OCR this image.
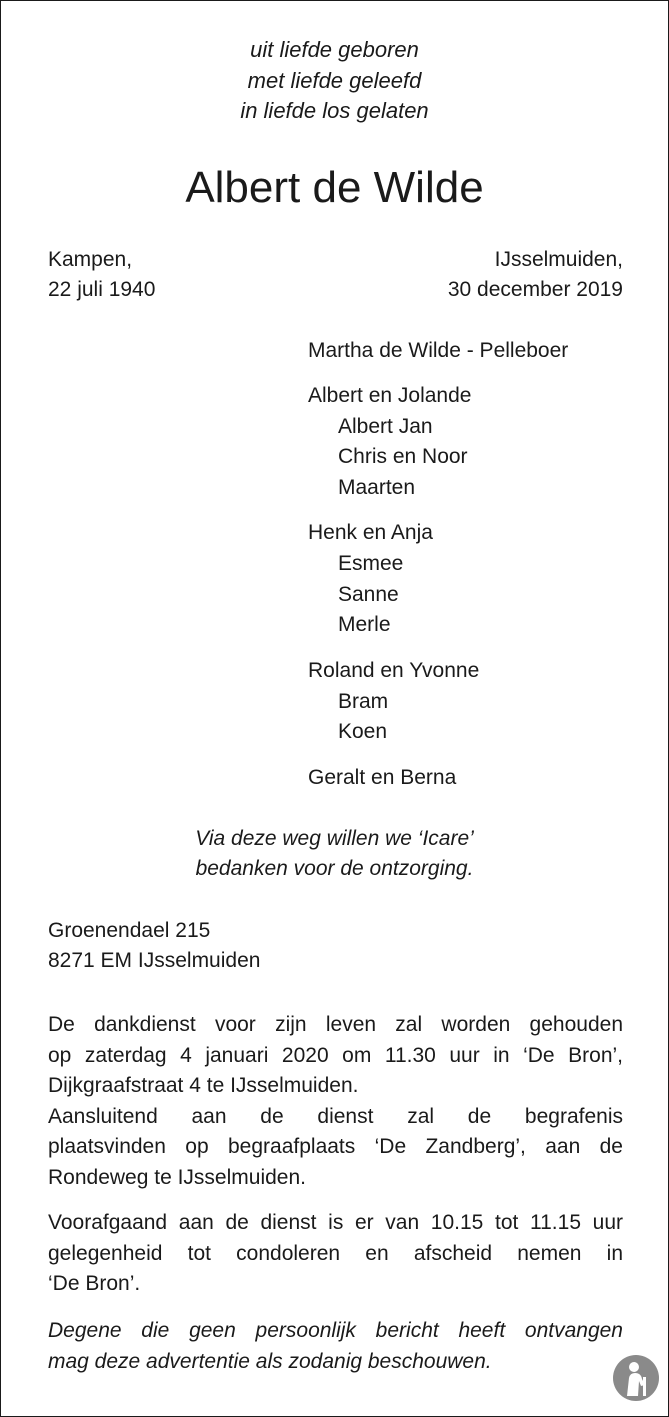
uit liefde geboren
met liefde geleefd
in liefde los gelaten
Albert de Wilde
Kampen,
22 juli 1940
IJsselmuiden,
30 december 2019
Martha de Wilde - Pelleboer
Albert en Jolande
Albert Jan
Chris en Noor
Maarten
Henk en Anja
Esmee
Sanne
Merle
Roland en Yvonne
Bram
Koen
Geralt en Berna
Via deze weg willen we ‘Icare’
bedanken voor de ontzorging.
Groenendael 215
8271 EM IJsselmuiden
De dankdienst voor zijn leven zal worden gehouden
op zaterdag 4 januari 2020 om 11.30 uur in ‘De Bron’,
Dijkgraafstraat 4 te IJsselmuiden.
Aansluitend aan de dienst zal de begrafenis
plaatsvinden op begraafplaats ‘De Zandberg’, aan de
Rondeweg te IJsselmuiden.
Voorafgaand aan de dienst is er van 10.15 tot 11.15 uur
gelegenheid tot condoleren en afscheid nemen in
‘De Bron’.
Degene die geen persoonlijk bericht heeft ontvangen
mag deze advertentie als zodanig beschouwen.
